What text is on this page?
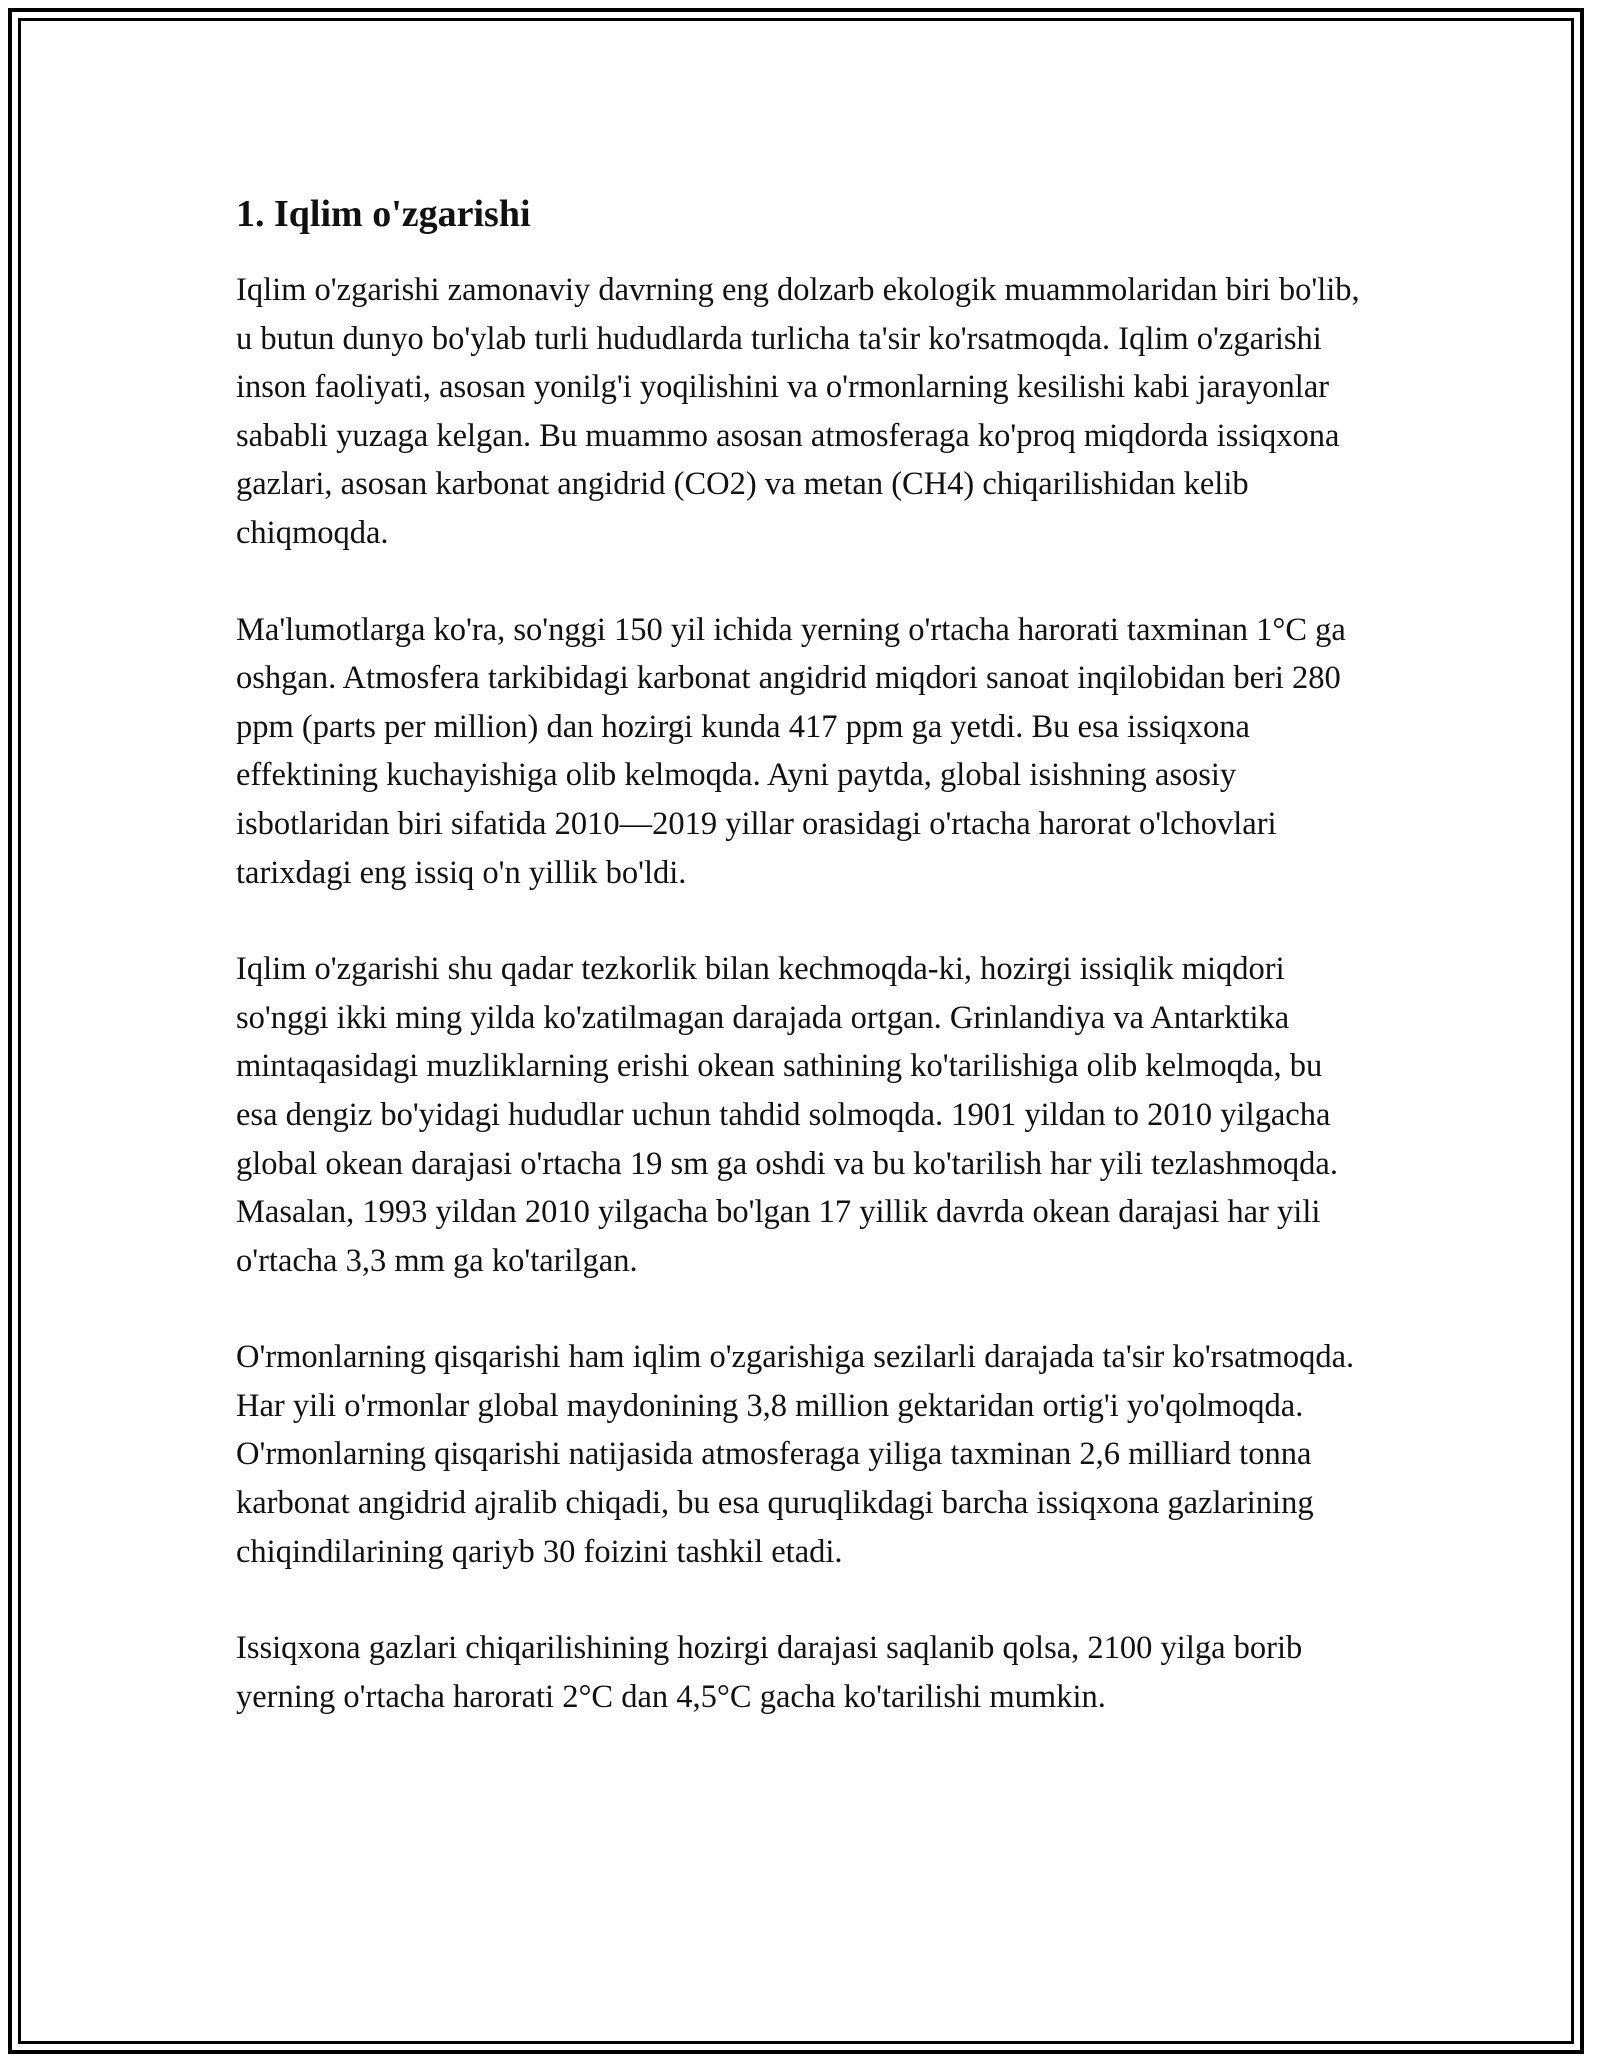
1. Iqlim o'zgarishi

Iqlim o'zgarishi zamonaviy davrning eng dolzarb ekologik muammolaridan biri bo'lib, u butun dunyo bo'ylab turli hududlarda turlicha ta'sir ko'rsatmoqda. Iqlim o'zgarishi inson faoliyati, asosan yonilg'i yoqilishini va o'rmonlarning kesilishi kabi jarayonlar sababli yuzaga kelgan. Bu muammo asosan atmosferaga ko'proq miqdorda issiqxona gazlari, asosan karbonat angidrid (CO2) va metan (CH4) chiqarilishidan kelib chiqmoqda.

Ma'lumotlarga ko'ra, so'nggi 150 yil ichida yerning o'rtacha harorati taxminan 1°C ga oshgan. Atmosfera tarkibidagi karbonat angidrid miqdori sanoat inqilobidan beri 280 ppm (parts per million) dan hozirgi kunda 417 ppm ga yetdi. Bu esa issiqxona effektining kuchayishiga olib kelmoqda. Ayni paytda, global isishning asosiy isbotlaridan biri sifatida 2010—2019 yillar orasidagi o'rtacha harorat o'lchovlari tarixdagi eng issiq o'n yillik bo'ldi.

Iqlim o'zgarishi shu qadar tezkorlik bilan kechmoqda-ki, hozirgi issiqlik miqdori so'nggi ikki ming yilda ko'zatilmagan darajada ortgan. Grinlandiya va Antarktika mintaqasidagi muzliklarning erishi okean sathining ko'tarilishiga olib kelmoqda, bu esa dengiz bo'yidagi hududlar uchun tahdid solmoqda. 1901 yildan to 2010 yilgacha global okean darajasi o'rtacha 19 sm ga oshdi va bu ko'tarilish har yili tezlashmoqda. Masalan, 1993 yildan 2010 yilgacha bo'lgan 17 yillik davrda okean darajasi har yili o'rtacha 3,3 mm ga ko'tarilgan.

O'rmonlarning qisqarishi ham iqlim o'zgarishiga sezilarli darajada ta'sir ko'rsatmoqda. Har yili o'rmonlar global maydonining 3,8 million gektaridan ortig'i yo'qolmoqda. O'rmonlarning qisqarishi natijasida atmosferaga yiliga taxminan 2,6 milliard tonna karbonat angidrid ajralib chiqadi, bu esa quruqlikdagi barcha issiqxona gazlarining chiqindilarining qariyb 30 foizini tashkil etadi.

Issiqxona gazlari chiqarilishining hozirgi darajasi saqlanib qolsa, 2100 yilga borib yerning o'rtacha harorati 2°C dan 4,5°C gacha ko'tarilishi mumkin.
